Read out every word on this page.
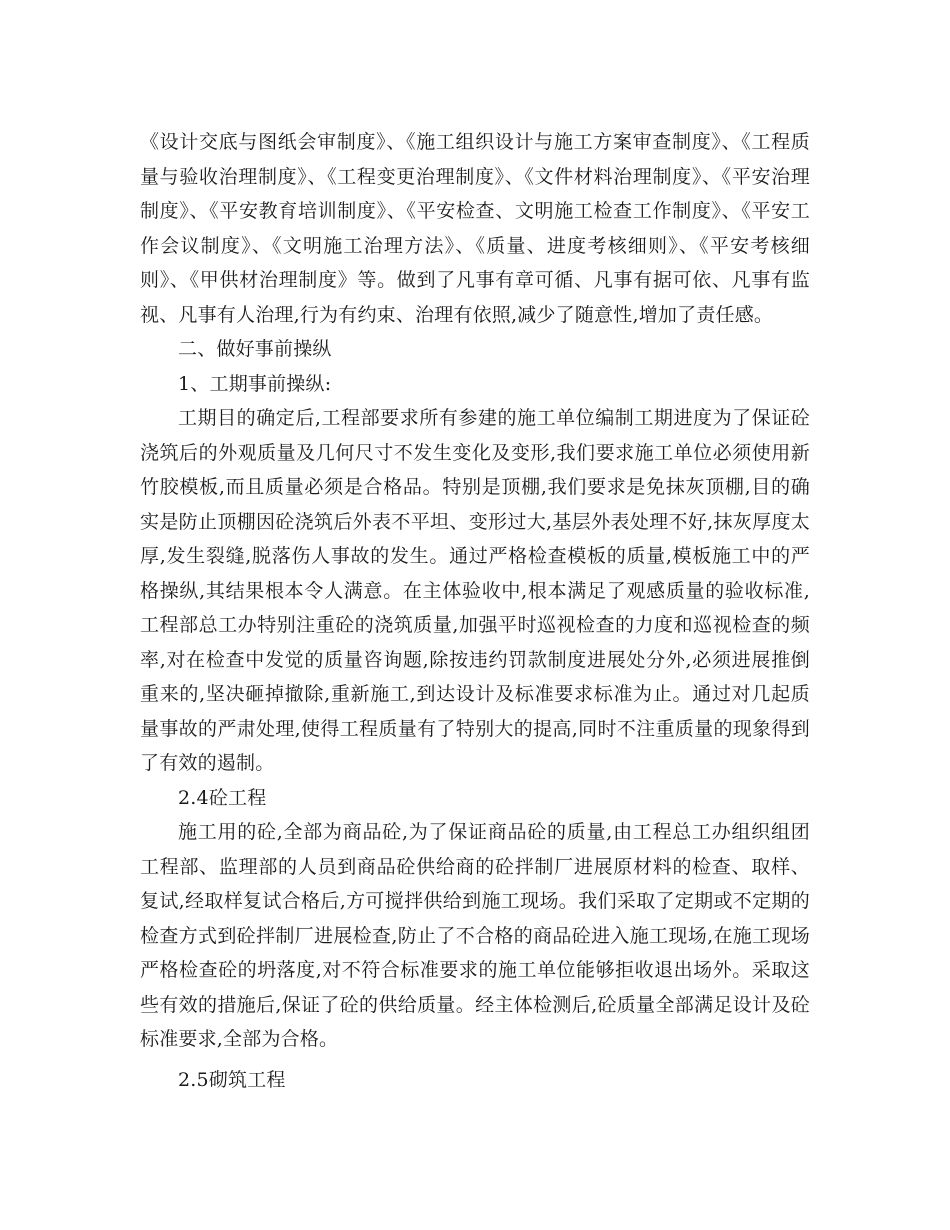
《设计交底与图纸会审制度》、《施工组织设计与施工方案审查制度》、《工程质量与验收治理制度》、《工程变更治理制度》、《文件材料治理制度》、《平安治理制度》、《平安教育培训制度》、《平安检查、文明施工检查工作制度》、《平安工作会议制度》、《文明施工治理方法》、《质量、进度考核细则》、《平安考核细则》、《甲供材治理制度》等。做到了凡事有章可循、凡事有据可依、凡事有监视、凡事有人治理,行为有约束、治理有依照,减少了随意性,增加了责任感。

二、做好事前操纵

1、工期事前操纵:

工期目的确定后,工程部要求所有参建的施工单位编制工期进度为了保证砼浇筑后的外观质量及几何尺寸不发生变化及变形,我们要求施工单位必须使用新竹胶模板,而且质量必须是合格品。特别是顶棚,我们要求是免抹灰顶棚,目的确实是防止顶棚因砼浇筑后外表不平坦、变形过大,基层外表处理不好,抹灰厚度太厚,发生裂缝,脱落伤人事故的发生。通过严格检查模板的质量,模板施工中的严格操纵,其结果根本令人满意。在主体验收中,根本满足了观感质量的验收标准,工程部总工办特别注重砼的浇筑质量,加强平时巡视检查的力度和巡视检查的频率,对在检查中发觉的质量咨询题,除按违约罚款制度进展处分外,必须进展推倒重来的,坚决砸掉撤除,重新施工,到达设计及标准要求标准为止。通过对几起质量事故的严肃处理,使得工程质量有了特别大的提高,同时不注重质量的现象得到了有效的遏制。

2.4砼工程

施工用的砼,全部为商品砼,为了保证商品砼的质量,由工程总工办组织组团工程部、监理部的人员到商品砼供给商的砼拌制厂进展原材料的检查、取样、复试,经取样复试合格后,方可搅拌供给到施工现场。我们采取了定期或不定期的检查方式到砼拌制厂进展检查,防止了不合格的商品砼进入施工现场,在施工现场严格检查砼的坍落度,对不符合标准要求的施工单位能够拒收退出场外。采取这些有效的措施后,保证了砼的供给质量。经主体检测后,砼质量全部满足设计及砼标准要求,全部为合格。

2.5砌筑工程
